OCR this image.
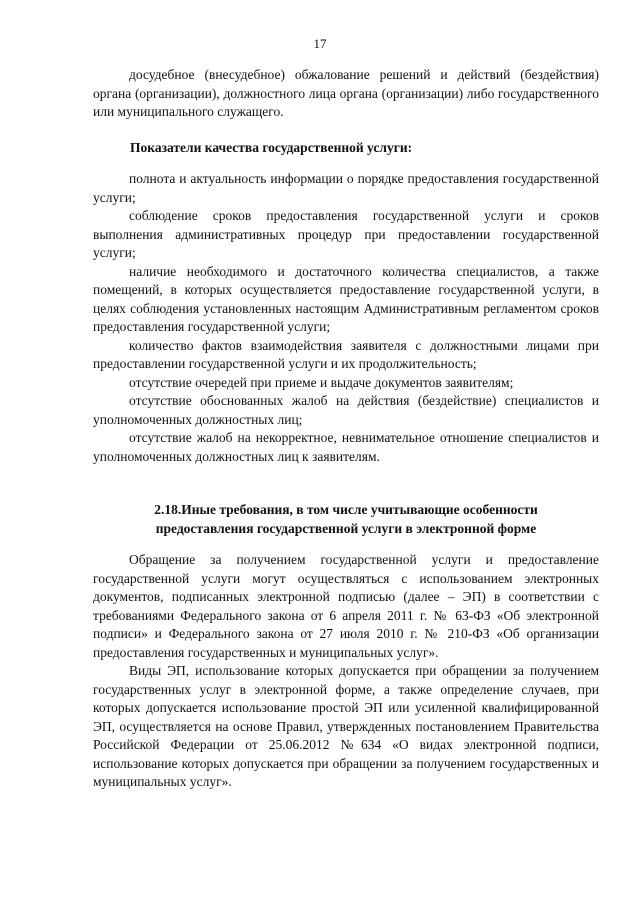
17

досудебное (внесудебное) обжалование решений и действий (бездействия) органа (организации), должностного лица органа (организации) либо государственного или муниципального служащего.

Показатели качества государственной услуги:

полнота и актуальность информации о порядке предоставления государственной услуги;

соблюдение сроков предоставления государственной услуги и сроков выполнения административных процедур при предоставлении государственной услуги;

наличие необходимого и достаточного количества специалистов, а также помещений, в которых осуществляется предоставление государственной услуги, в целях соблюдения установленных настоящим Административным регламентом сроков предоставления государственной услуги;

количество фактов взаимодействия заявителя с должностными лицами при предоставлении государственной услуги и их продолжительность;

отсутствие очередей при приеме и выдаче документов заявителям;

отсутствие обоснованных жалоб на действия (бездействие) специалистов и уполномоченных должностных лиц;

отсутствие жалоб на некорректное, невнимательное отношение специалистов и уполномоченных должностных лиц к заявителям.

2.18.Иные требования, в том числе учитывающие особенности
предоставления государственной услуги в электронной форме

Обращение за получением государственной услуги и предоставление государственной услуги могут осуществляться с использованием электронных документов, подписанных электронной подписью (далее – ЭП) в соответствии с требованиями Федерального закона от 6 апреля 2011 г. № 63-ФЗ «Об электронной подписи» и Федерального закона от 27 июля 2010 г. № 210-ФЗ «Об организации предоставления государственных и муниципальных услуг».

Виды ЭП, использование которых допускается при обращении за получением государственных услуг в электронной форме, а также определение случаев, при которых допускается использование простой ЭП или усиленной квалифицированной ЭП, осуществляется на основе Правил, утвержденных постановлением Правительства Российской Федерации от 25.06.2012 №634 «О видах электронной подписи, использование которых допускается при обращении за получением государственных и муниципальных услуг».
